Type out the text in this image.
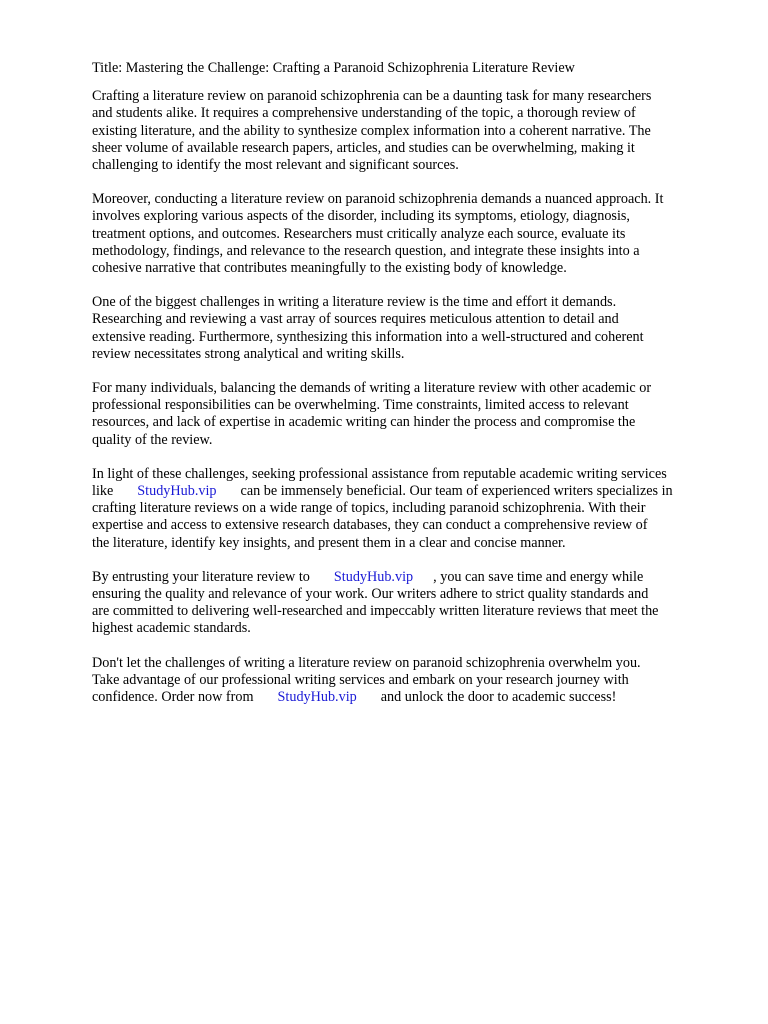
Title: Mastering the Challenge: Crafting a Paranoid Schizophrenia Literature Review

Crafting a literature review on paranoid schizophrenia can be a daunting task for many researchers
and students alike. It requires a comprehensive understanding of the topic, a thorough review of
existing literature, and the ability to synthesize complex information into a coherent narrative. The
sheer volume of available research papers, articles, and studies can be overwhelming, making it
challenging to identify the most relevant and significant sources.
Moreover, conducting a literature review on paranoid schizophrenia demands a nuanced approach. It
involves exploring various aspects of the disorder, including its symptoms, etiology, diagnosis,
treatment options, and outcomes. Researchers must critically analyze each source, evaluate its
methodology, findings, and relevance to the research question, and integrate these insights into a
cohesive narrative that contributes meaningfully to the existing body of knowledge.
One of the biggest challenges in writing a literature review is the time and effort it demands.
Researching and reviewing a vast array of sources requires meticulous attention to detail and
extensive reading. Furthermore, synthesizing this information into a well-structured and coherent
review necessitates strong analytical and writing skills.
For many individuals, balancing the demands of writing a literature review with other academic or
professional responsibilities can be overwhelming. Time constraints, limited access to relevant
resources, and lack of expertise in academic writing can hinder the process and compromise the
quality of the review.
In light of these challenges, seeking professional assistance from reputable academic writing services
like StudyHub.vip can be immensely beneficial. Our team of experienced writers specializes in
crafting literature reviews on a wide range of topics, including paranoid schizophrenia. With their
expertise and access to extensive research databases, they can conduct a comprehensive review of
the literature, identify key insights, and present them in a clear and concise manner.
By entrusting your literature review to StudyHub.vip , you can save time and energy while
ensuring the quality and relevance of your work. Our writers adhere to strict quality standards and
are committed to delivering well-researched and impeccably written literature reviews that meet the
highest academic standards.
Don't let the challenges of writing a literature review on paranoid schizophrenia overwhelm you.
Take advantage of our professional writing services and embark on your research journey with
confidence. Order now from StudyHub.vip and unlock the door to academic success!
